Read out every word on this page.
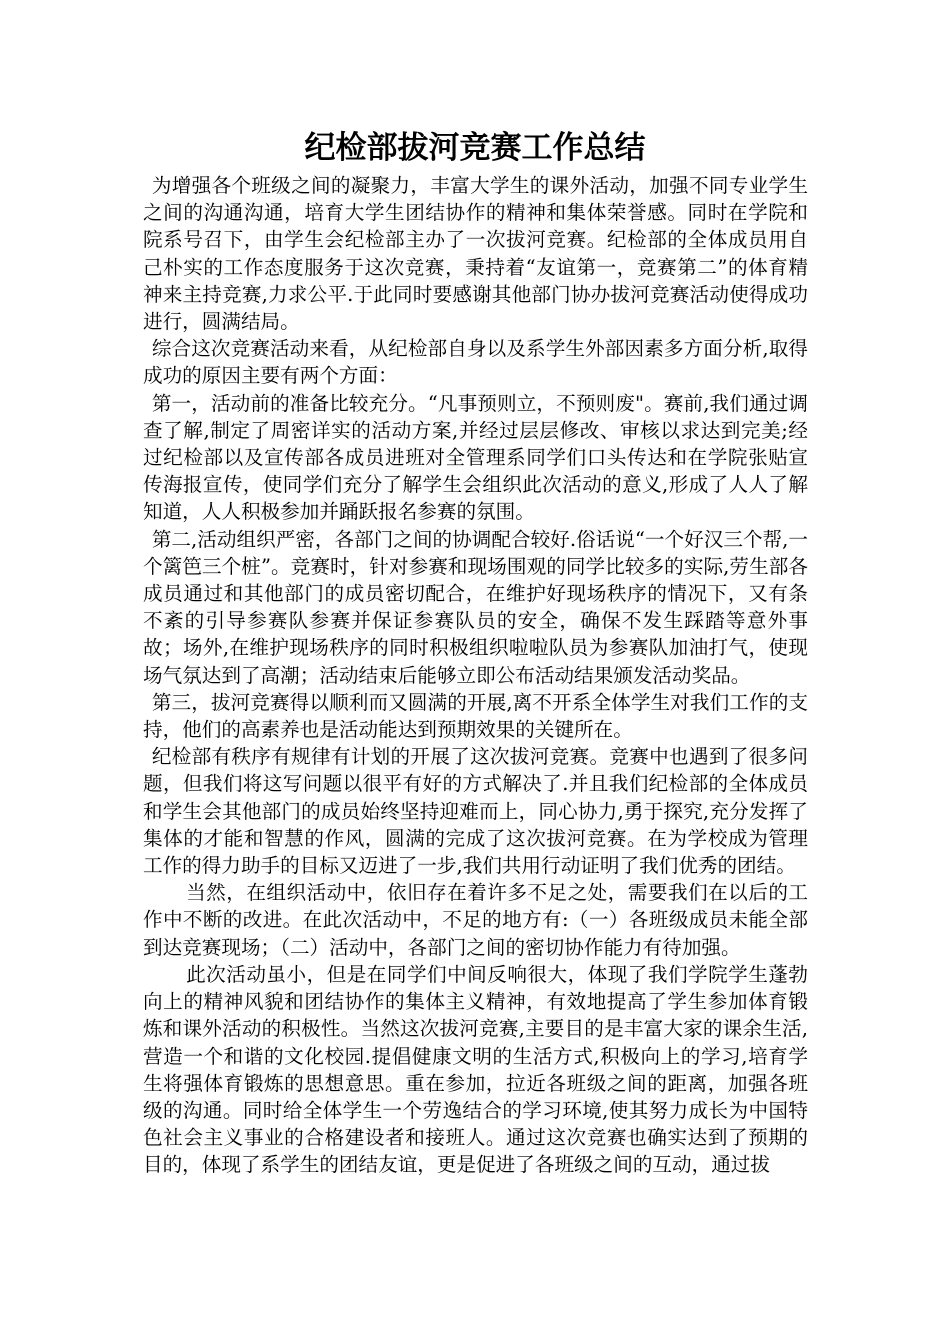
纪检部拔河竞赛工作总结

为增强各个班级之间的凝聚力，丰富大学生的课外活动，加强不同专业学生之间的沟通沟通，培育大学生团结协作的精神和集体荣誉感。同时在学院和院系号召下，由学生会纪检部主办了一次拔河竞赛。纪检部的全体成员用自己朴实的工作态度服务于这次竞赛，秉持着“友谊第一，竞赛第二”的体育精神来主持竞赛,力求公平.于此同时要感谢其他部门协办拔河竞赛活动使得成功进行，圆满结局。

综合这次竞赛活动来看，从纪检部自身以及系学生外部因素多方面分析,取得成功的原因主要有两个方面：

第一，活动前的准备比较充分。“凡事预则立，不预则废"。赛前,我们通过调查了解,制定了周密详实的活动方案,并经过层层修改、审核以求达到完美;经过纪检部以及宣传部各成员进班对全管理系同学们口头传达和在学院张贴宣传海报宣传，使同学们充分了解学生会组织此次活动的意义,形成了人人了解知道，人人积极参加并踊跃报名参赛的氛围。

第二,活动组织严密，各部门之间的协调配合较好.俗话说“一个好汉三个帮,一个篱笆三个桩”。竞赛时，针对参赛和现场围观的同学比较多的实际,劳生部各成员通过和其他部门的成员密切配合，在维护好现场秩序的情况下，又有条不紊的引导参赛队参赛并保证参赛队员的安全，确保不发生踩踏等意外事故；场外,在维护现场秩序的同时积极组织啦啦队员为参赛队加油打气，使现场气氛达到了高潮；活动结束后能够立即公布活动结果颁发活动奖品。

第三，拔河竞赛得以顺利而又圆满的开展,离不开系全体学生对我们工作的支持，他们的高素养也是活动能达到预期效果的关键所在。

纪检部有秩序有规律有计划的开展了这次拔河竞赛。竞赛中也遇到了很多问题，但我们将这写问题以很平有好的方式解决了.并且我们纪检部的全体成员和学生会其他部门的成员始终坚持迎难而上，同心协力,勇于探究,充分发挥了集体的才能和智慧的作风，圆满的完成了这次拔河竞赛。在为学校成为管理工作的得力助手的目标又迈进了一步,我们共用行动证明了我们优秀的团结。

当然，在组织活动中，依旧存在着许多不足之处，需要我们在以后的工作中不断的改进。在此次活动中，不足的地方有:（一）各班级成员未能全部到达竞赛现场；（二）活动中，各部门之间的密切协作能力有待加强。

此次活动虽小，但是在同学们中间反响很大，体现了我们学院学生蓬勃向上的精神风貌和团结协作的集体主义精神，有效地提高了学生参加体育锻炼和课外活动的积极性。当然这次拔河竞赛,主要目的是丰富大家的课余生活,营造一个和谐的文化校园.提倡健康文明的生活方式,积极向上的学习,培育学生将强体育锻炼的思想意思。重在参加，拉近各班级之间的距离，加强各班级的沟通。同时给全体学生一个劳逸结合的学习环境,使其努力成长为中国特色社会主义事业的合格建设者和接班人。通过这次竞赛也确实达到了预期的目的，体现了系学生的团结友谊，更是促进了各班级之间的互动，通过拔
